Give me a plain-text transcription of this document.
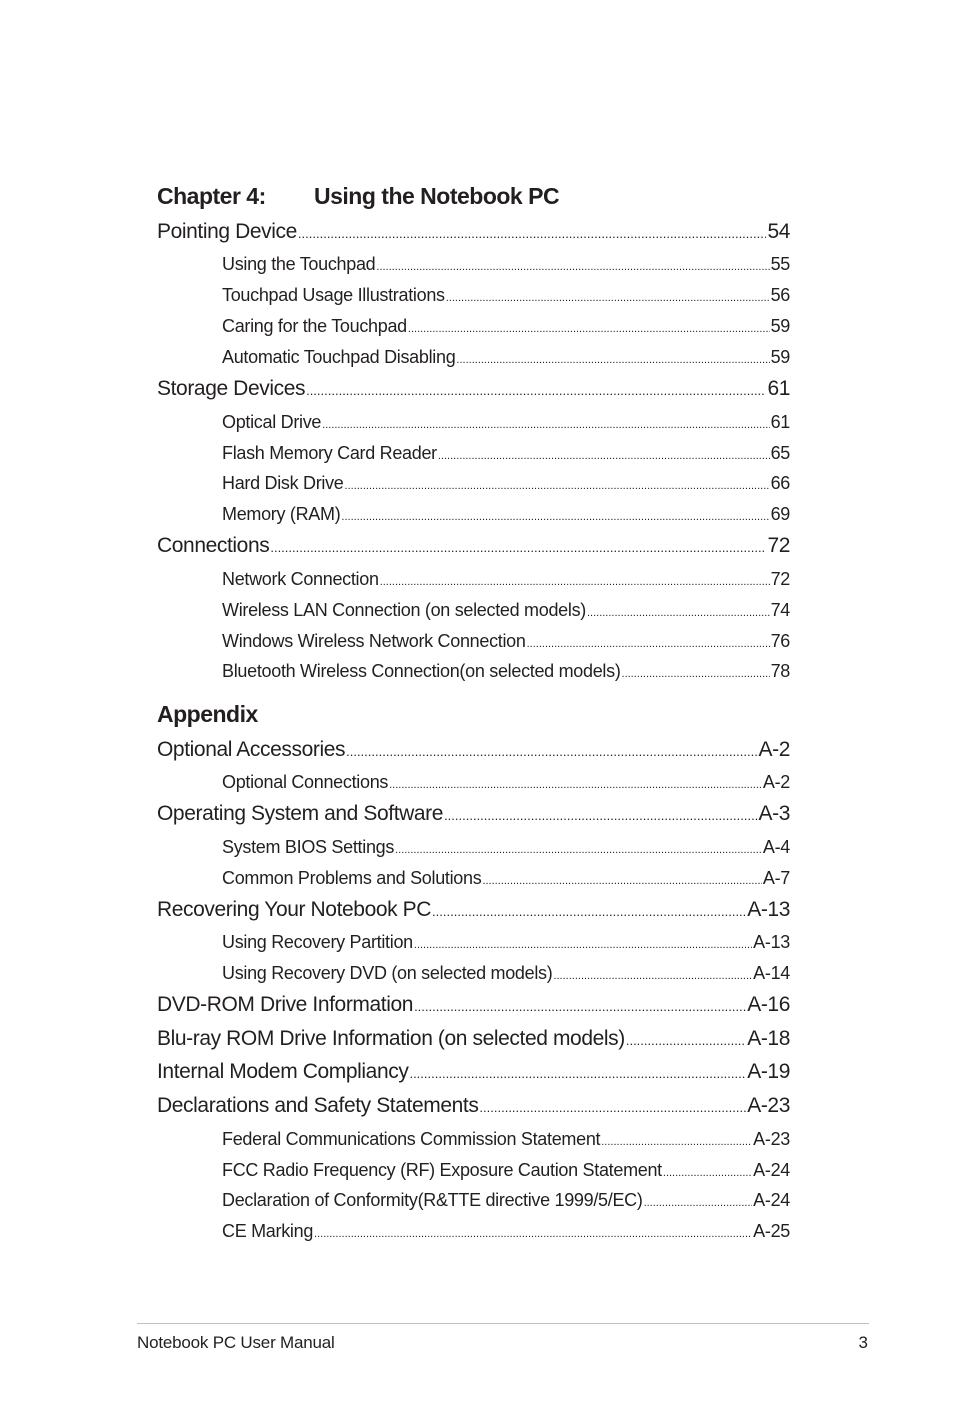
Chapter 4: Using the Notebook PC
Pointing Device .....	54
Using the Touchpad .....	55
Touchpad Usage Illustrations .....	56
Caring for the Touchpad .....	59
Automatic Touchpad Disabling .....	59
Storage Devices .....	61
Optical Drive .....	61
Flash Memory Card Reader .....	65
Hard Disk Drive .....	66
Memory (RAM) .....	69
Connections .....	72
Network Connection .....	72
Wireless LAN Connection (on selected models) .....	74
Windows Wireless Network Connection .....	76
Bluetooth Wireless Connection(on selected models) .....	78
Appendix
Optional Accessories .....	A-2
Optional Connections .....	A-2
Operating System and Software .....	A-3
System BIOS Settings .....	A-4
Common Problems and Solutions .....	A-7
Recovering Your Notebook PC .....	A-13
Using Recovery Partition .....	A-13
Using Recovery DVD (on selected models) .....	A-14
DVD-ROM Drive Information .....	A-16
Blu-ray ROM Drive Information (on selected models) .....	A-18
Internal Modem Compliancy .....	A-19
Declarations and Safety Statements .....	A-23
Federal Communications Commission Statement .....	A-23
FCC Radio Frequency (RF) Exposure Caution Statement .....	A-24
Declaration of Conformity(R&TTE directive 1999/5/EC) .....	A-24
CE Marking .....	A-25
Notebook PC User Manual	3
